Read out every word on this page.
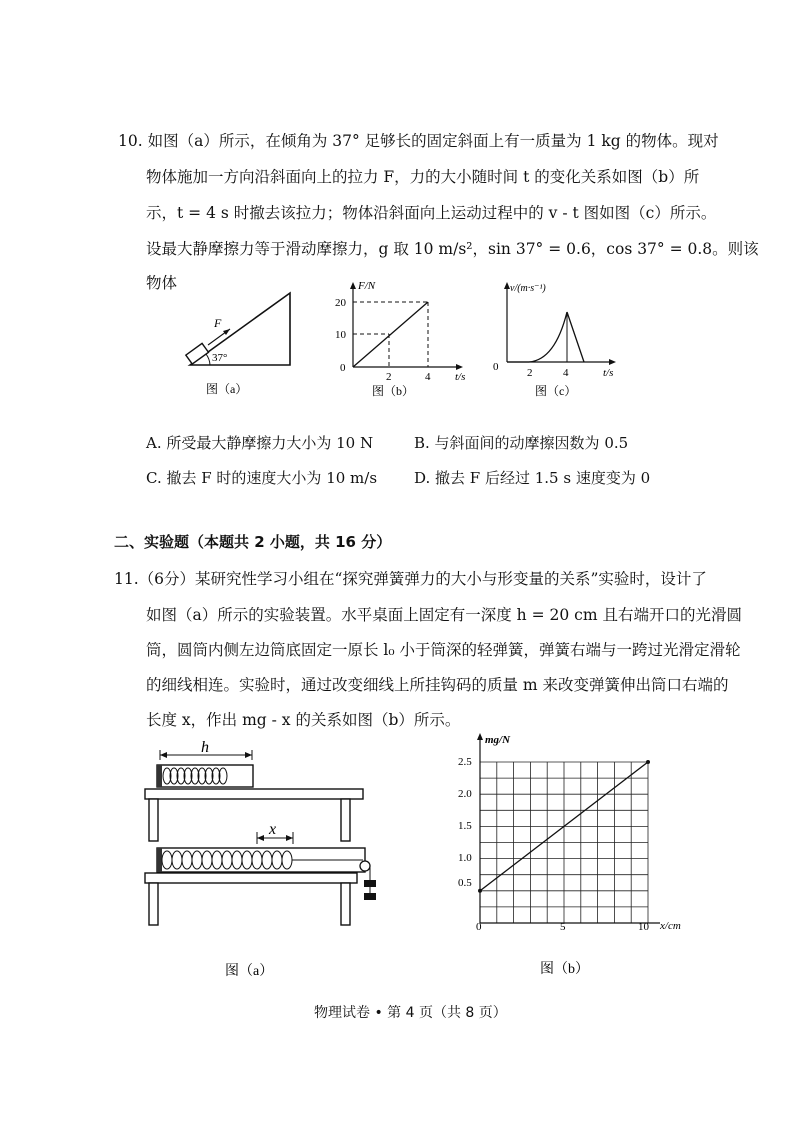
10. 如图（a）所示，在倾角为 37° 足够长的固定斜面上有一质量为 1 kg 的物体。现对
物体施加一方向沿斜面向上的拉力 F，力的大小随时间 t 的变化关系如图（b）所
示，t = 4 s 时撤去该拉力；物体沿斜面向上运动过程中的 v - t 图如图（c）所示。
设最大静摩擦力等于滑动摩擦力，g 取 10 m/s²，sin 37° = 0.6，cos 37° = 0.8。则该
物体
F
37°
图（a）
F/N
t/s
20
10
0
2	4
图（b）
v/(m·s⁻¹)
t/s
0	2	4
图（c）
A. 所受最大静摩擦力大小为 10 N	B. 与斜面间的动摩擦因数为 0.5
C. 撤去 F 时的速度大小为 10 m/s D. 撤去 F 后经过 1.5 s 速度变为 0
二、实验题（本题共 2 小题，共 16 分）
11.（6分）某研究性学习小组在“探究弹簧弹力的大小与形变量的关系”实验时，设计了
如图（a）所示的实验装置。水平桌面上固定有一深度 h = 20 cm 且右端开口的光滑圆
筒，圆筒内侧左边筒底固定一原长 l₀ 小于筒深的轻弹簧，弹簧右端与一跨过光滑定滑轮
的细线相连。实验时，通过改变细线上所挂钩码的质量 m 来改变弹簧伸出筒口右端的
长度 x，作出 mg - x 的关系如图（b）所示。
h
x
图（a）
mg/N
x/cm
2.5
2.0
1.5
1.0
0.5
0	5	10
图（b）
物理试卷 • 第 4 页（共 8 页）
